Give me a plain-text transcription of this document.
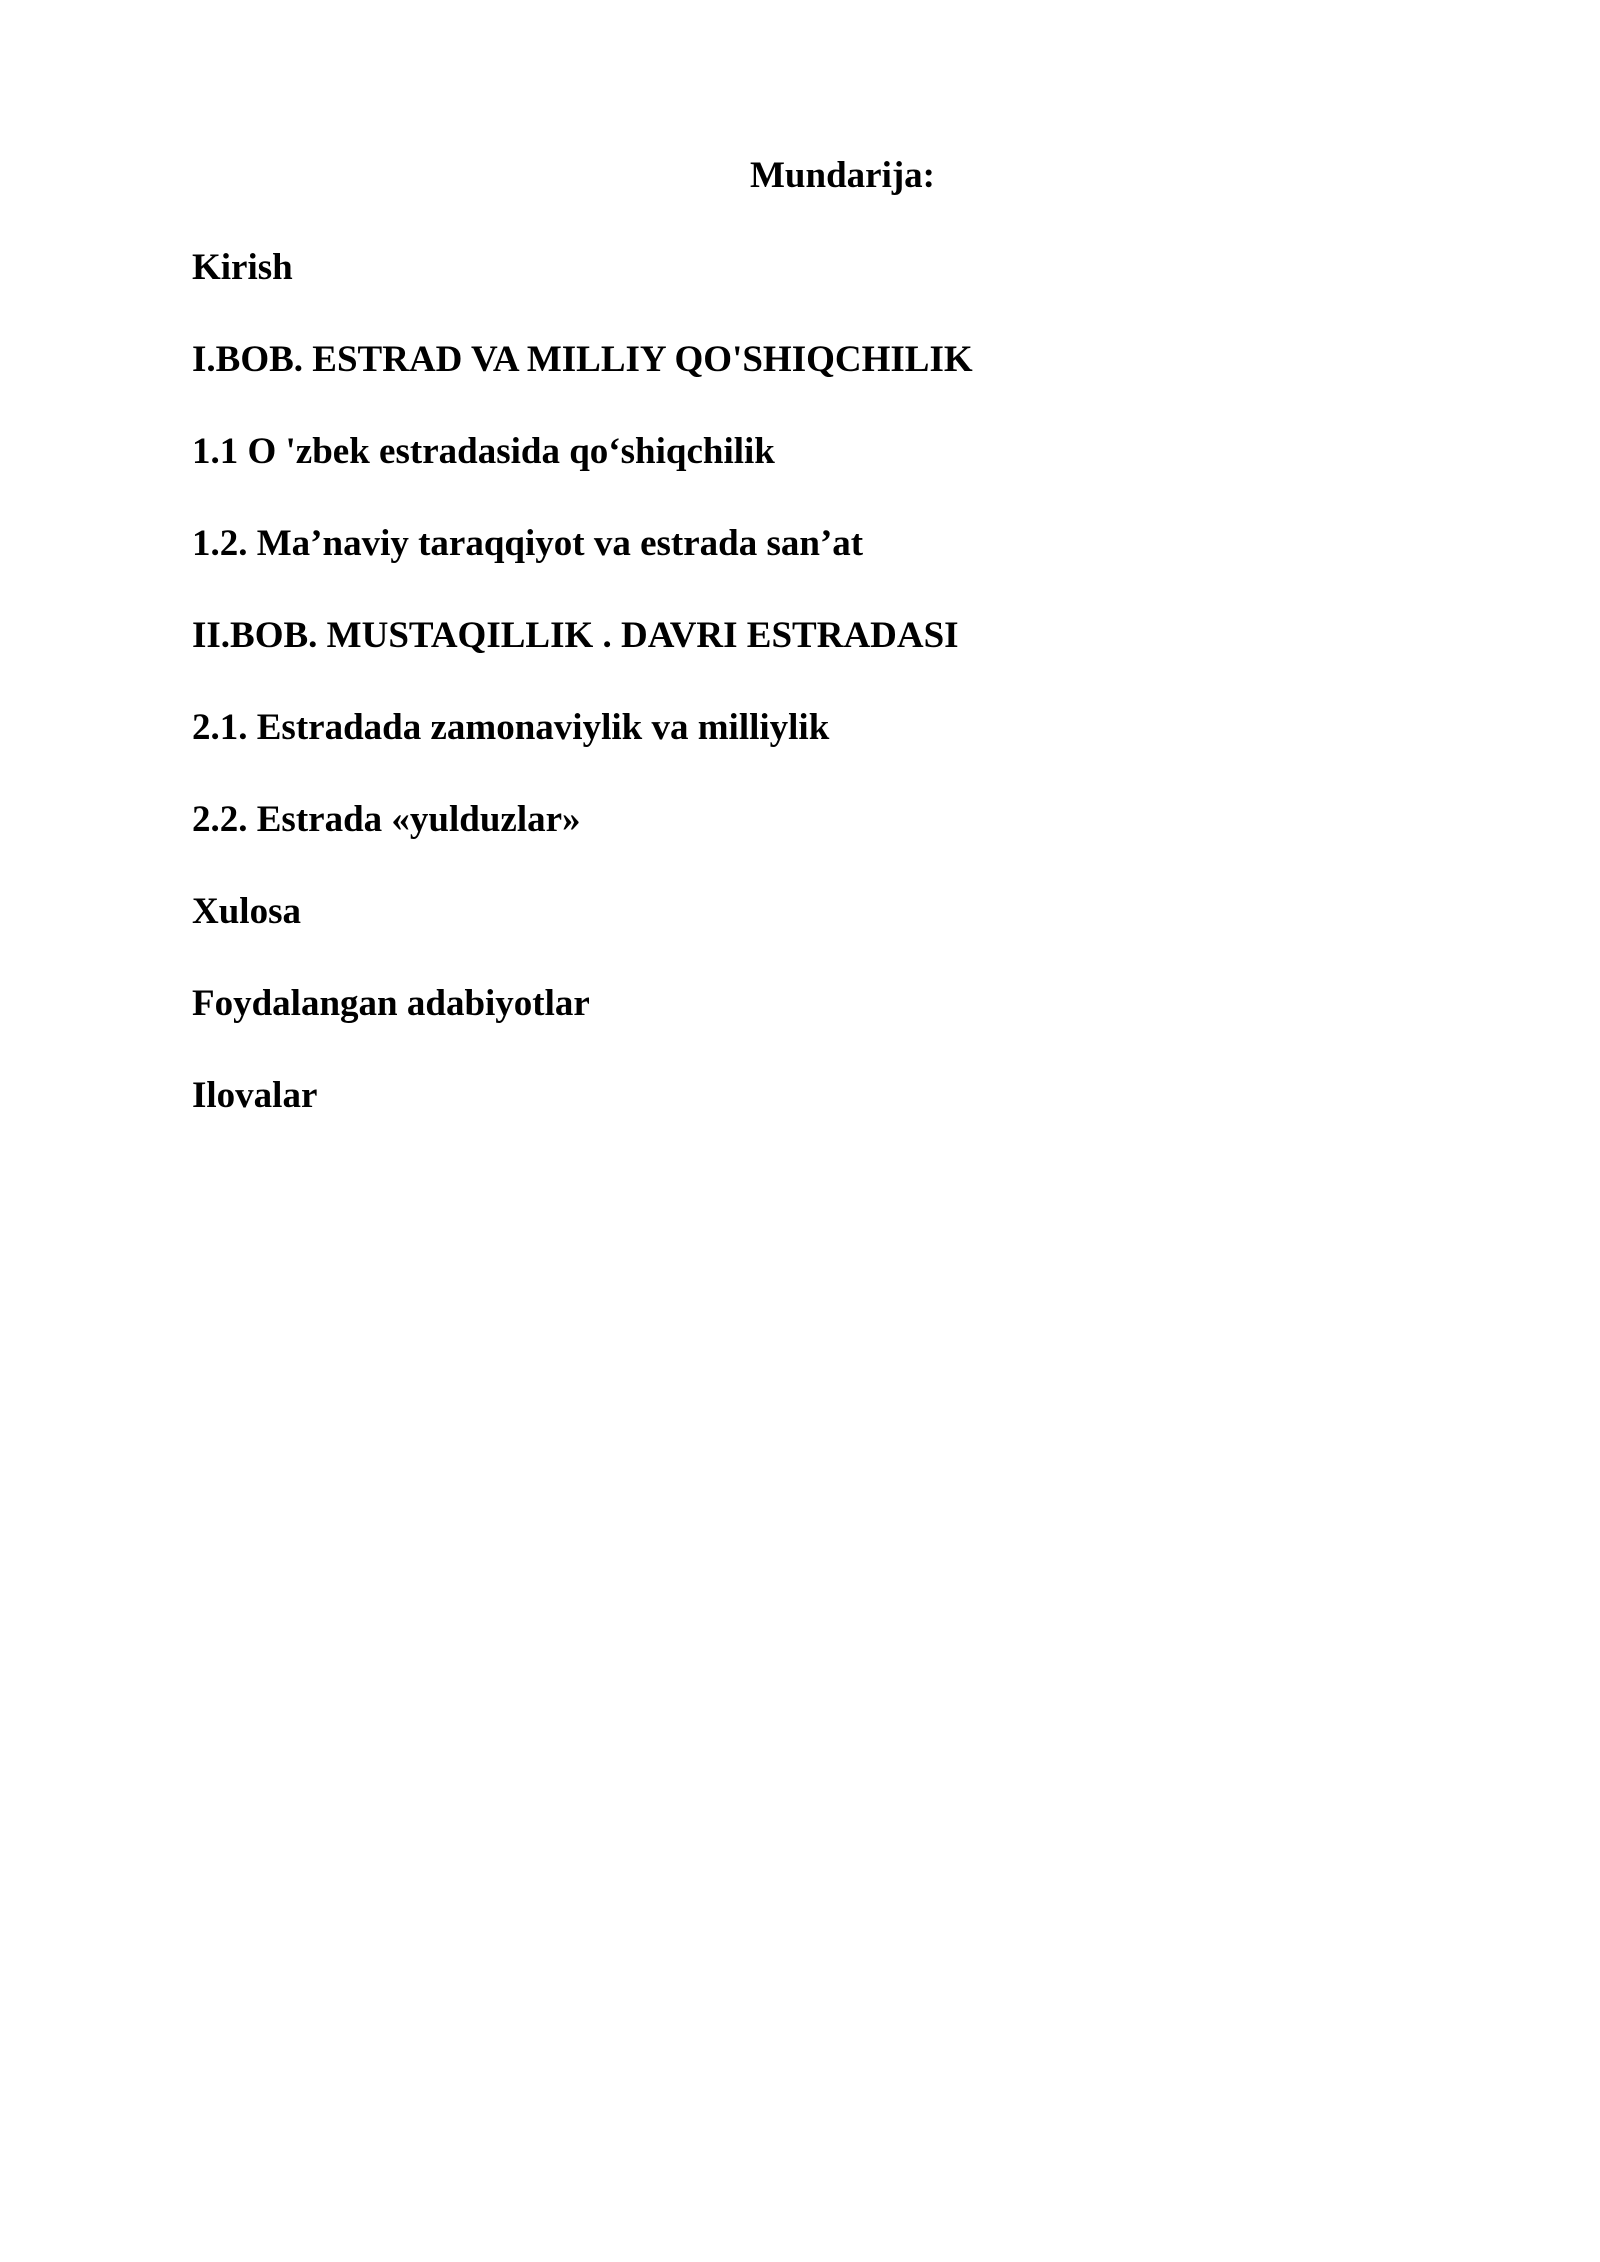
Mundarija:
Kirish
I.BOB. ESTRAD VA MILLIY QO'SHIQCHILIK
1.1 O 'zbek estradasida qo‘shiqchilik
1.2. Ma’naviy taraqqiyot va estrada san’at
II.BOB. MUSTAQILLIK . DAVRI ESTRADASI
2.1. Estradada zamonaviylik va milliylik
2.2. Estrada «yulduzlar»
Xulosa
Foydalangan adabiyotlar
Ilovalar
